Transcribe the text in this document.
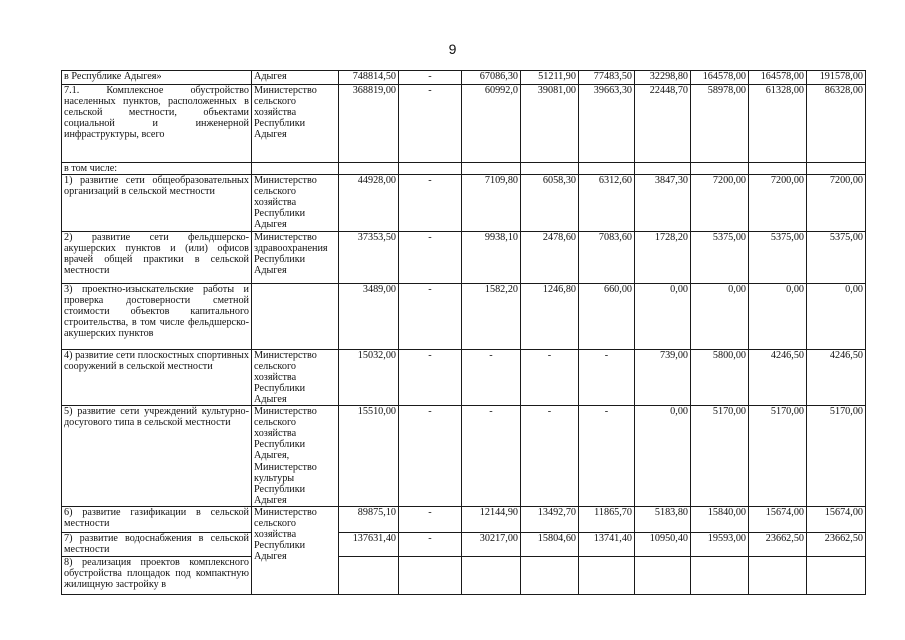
9
в Республике Адыгея»	Адыгея	748814,50	-	67086,30	51211,90	77483,50	32298,80	164578,00	164578,00	191578,00
7.1. Комплексное обустройство населенных пунктов, расположенных в сельской местности, объектами социальной и инженерной инфраструктуры, всего	Министерство сельского хозяйства Республики Адыгея	368819,00	-	60992,0	39081,00	39663,30	22448,70	58978,00	61328,00	86328,00
в том числе:										
1) развитие сети общеобразовательных организаций в сельской местности	Министерство сельского хозяйства Республики Адыгея	44928,00	-	7109,80	6058,30	6312,60	3847,30	7200,00	7200,00	7200,00
2) развитие сети фельдшерско-акушерских пунктов и (или) офисов врачей общей практики в сельской местности	Министерство здравоохранения Республики Адыгея	37353,50	-	9938,10	2478,60	7083,60	1728,20	5375,00	5375,00	5375,00
3) проектно-изыскательские работы и проверка достоверности сметной стоимости объектов капитального строительства, в том числе фельдшерско-акушерских пунктов		3489,00	-	1582,20	1246,80	660,00	0,00	0,00	0,00	0,00
4) развитие сети плоскостных спортивных сооружений в сельской местности	Министерство сельского хозяйства Республики Адыгея	15032,00	-	-	-	-	739,00	5800,00	4246,50	4246,50
5) развитие сети учреждений культурно-досугового типа в сельской местности	Министерство сельского хозяйства Республики Адыгея, Министерство культуры Республики Адыгея	15510,00	-	-	-	-	0,00	5170,00	5170,00	5170,00
6) развитие газификации в сельской местности	Министерство сельского хозяйства Республики Адыгея	89875,10	-	12144,90	13492,70	11865,70	5183,80	15840,00	15674,00	15674,00
7) развитие водоснабжения в сельской местности		137631,40	-	30217,00	15804,60	13741,40	10950,40	19593,00	23662,50	23662,50
8) реализация проектов комплексного обустройства площадок под компактную жилищную застройку в										
